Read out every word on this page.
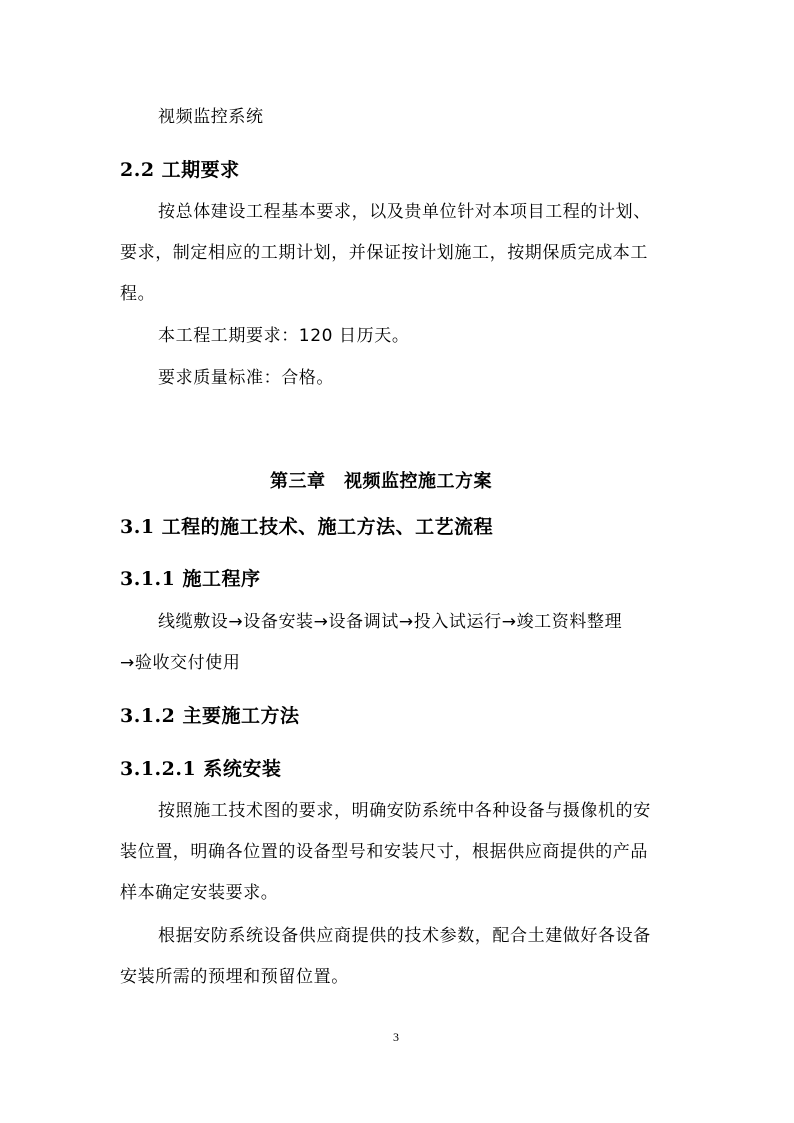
视频监控系统
2.2 工期要求
按总体建设工程基本要求，以及贵单位针对本项目工程的计划、
要求，制定相应的工期计划，并保证按计划施工，按期保质完成本工
程。
本工程工期要求：120 日历天。
要求质量标准：合格。
第三章　视频监控施工方案
3.1 工程的施工技术、施工方法、工艺流程
3.1.1 施工程序
线缆敷设→设备安装→设备调试→投入试运行→竣工资料整理
→验收交付使用
3.1.2 主要施工方法
3.1.2.1 系统安装
按照施工技术图的要求，明确安防系统中各种设备与摄像机的安
装位置，明确各位置的设备型号和安装尺寸，根据供应商提供的产品
样本确定安装要求。
根据安防系统设备供应商提供的技术参数，配合土建做好各设备
安装所需的预埋和预留位置。
3
